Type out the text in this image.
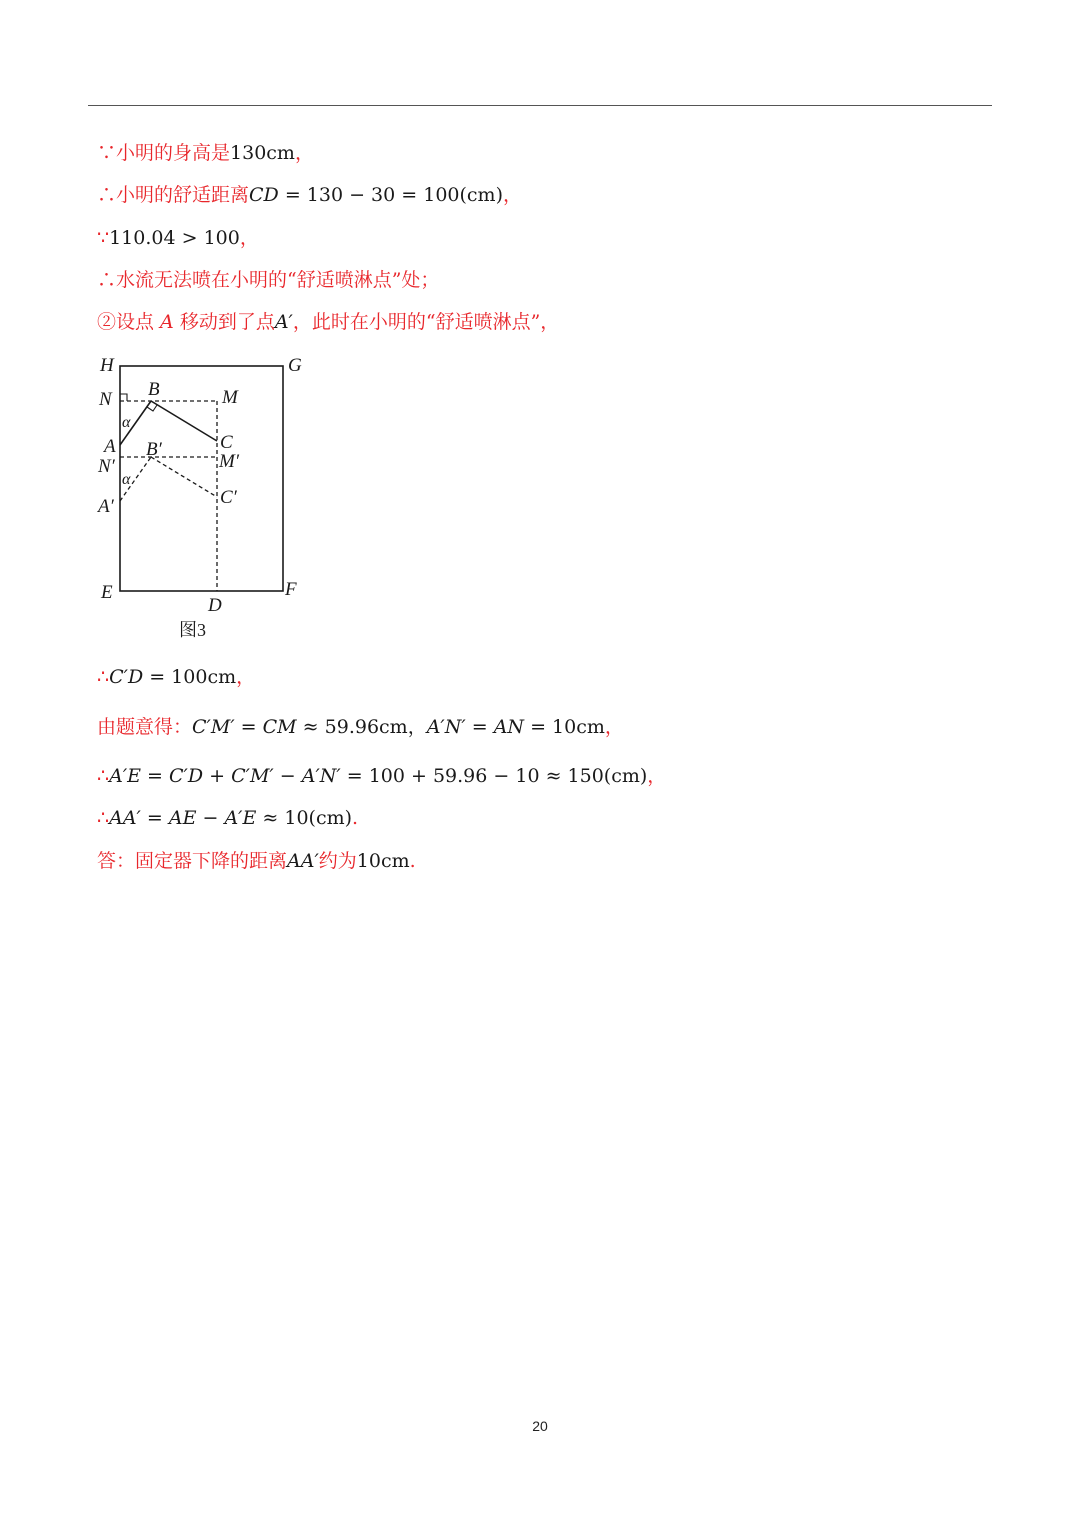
∵小明的身高是130cm，
∴小明的舒适距离CD = 130 − 30 = 100(cm)，
∵110.04 > 100，
∴水流无法喷在小明的“舒适喷淋点”处；
②设点 A 移动到了点A′，此时在小明的“舒适喷淋点”，
∴C′D = 100cm，
由题意得：C′M′ = CM ≈ 59.96cm，A′N′ = AN = 10cm，
∴A′E = C′D + C′M′ − A′N′ = 100 + 59.96 − 10 ≈ 150(cm)，
∴AA′ = AE − A′E ≈ 10(cm).
答：固定器下降的距离AA′约为10cm.
H	G
N B	M
α
A	C
B′
N′	M′
α
C′
A′
E	F
D
图3
20
